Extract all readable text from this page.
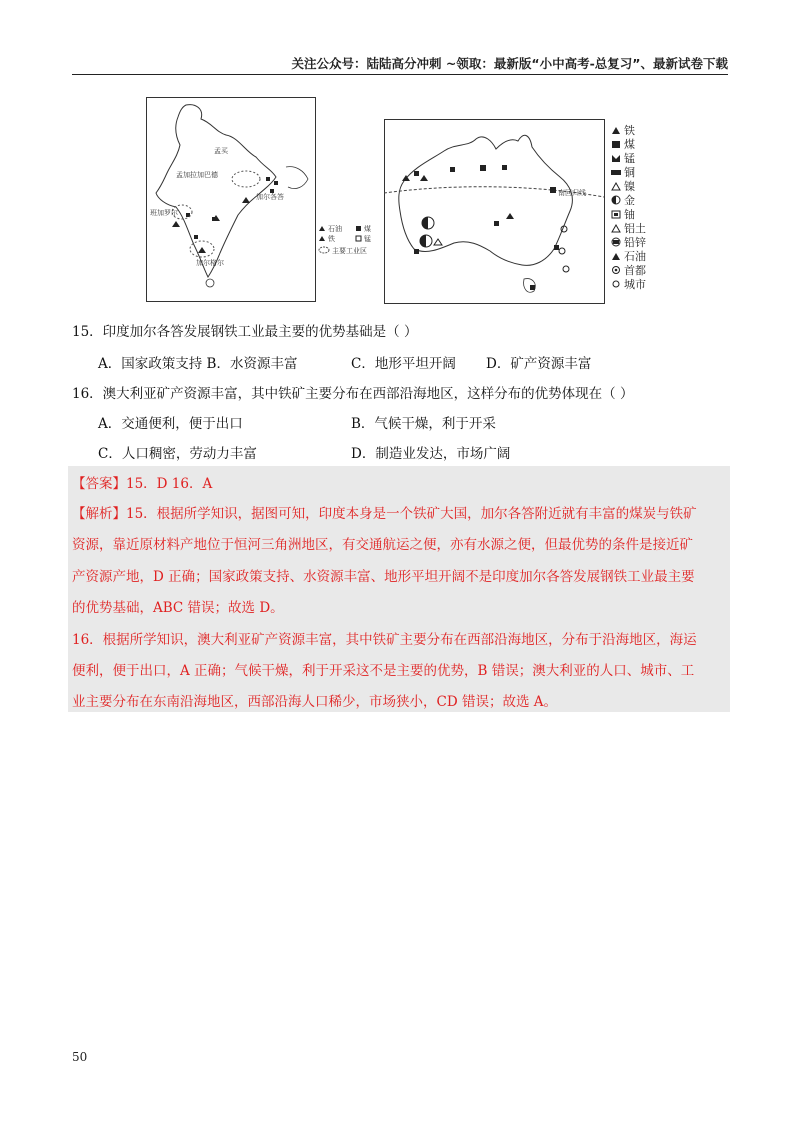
关注公众号：陆陆高分冲刺 ~领取：最新版“小中高考-总复习”、最新试卷下载
孟买
孟加拉加巴德
加尔各答
班加罗尔
加尔格尔
石油	煤
铁	锰
主要工业区
南回归线
铁
煤
锰
铜
镍
金
铀
铝土
铅锌
石油
首都
城市
15．印度加尔各答发展钢铁工业最主要的优势基础是（ ）
A．国家政策支持 B．水资源丰富	C．地形平坦开阔 D．矿产资源丰富
16．澳大利亚矿产资源丰富，其中铁矿主要分布在西部沿海地区，这样分布的优势体现在（ ）
A．交通便利，便于出口	B．气候干燥，利于开采
C．人口稠密，劳动力丰富	D．制造业发达，市场广阔
【答案】15．D 16．A
【解析】15．根据所学知识，据图可知，印度本身是一个铁矿大国，加尔各答附近就有丰富的煤炭与铁矿
资源，靠近原材料产地位于恒河三角洲地区，有交通航运之便，亦有水源之便，但最优势的条件是接近矿
产资源产地，D 正确；国家政策支持、水资源丰富、地形平坦开阔不是印度加尔各答发展钢铁工业最主要
的优势基础，ABC 错误；故选 D。
16．根据所学知识，澳大利亚矿产资源丰富，其中铁矿主要分布在西部沿海地区，分布于沿海地区，海运
便利，便于出口，A 正确；气候干燥，利于开采这不是主要的优势，B 错误；澳大利亚的人口、城市、工
业主要分布在东南沿海地区，西部沿海人口稀少，市场狭小，CD 错误；故选 A。
50
